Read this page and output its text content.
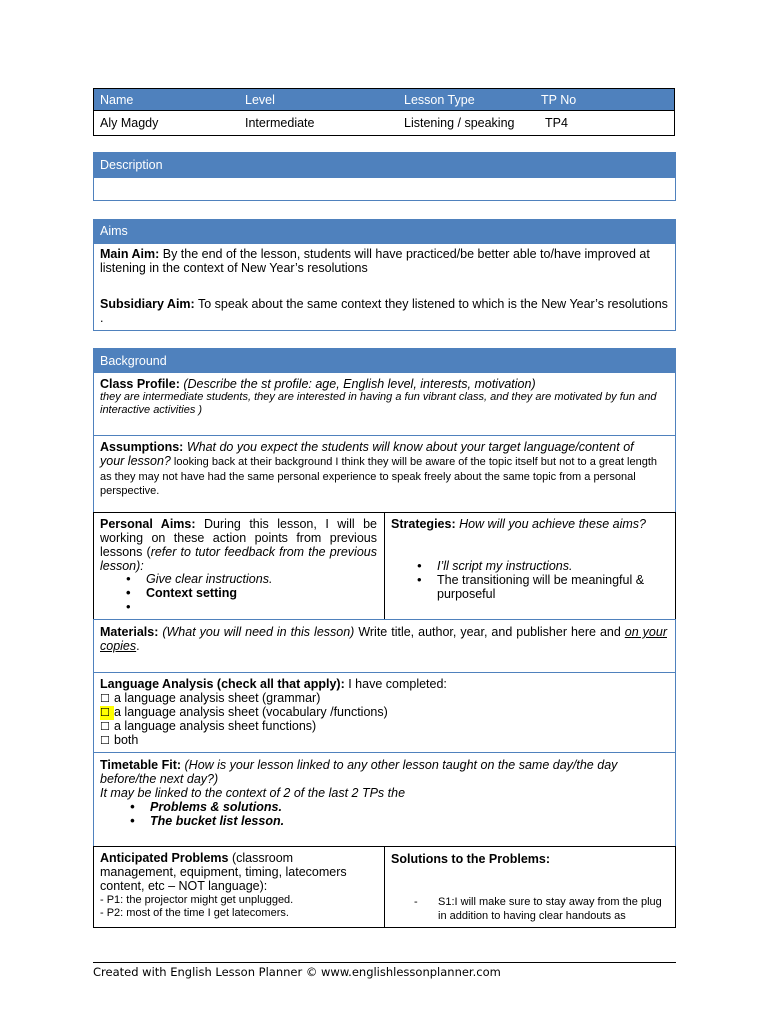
Name	Level	Lesson Type	TP No
Aly Magdy	Intermediate	Listening / speaking TP4
Description
Aims
Main Aim: By the end of the lesson, students will have practiced/be better able to/have improved at listening in the context of New Year’s resolutions
Subsidiary Aim: To speak about the same context they listened to which is the New Year’s resolutions .
Background
Class Profile: (Describe the st profile: age, English level, interests, motivation)
they are intermediate students, they are interested in having a fun vibrant class, and they are motivated by fun and interactive activities )
Assumptions: What do you expect the students will know about your target language/content of your lesson? looking back at their background I think they will be aware of the topic itself but not to a great length as they may not have had the same personal experience to speak freely about the same topic from a personal perspective.
Personal Aims: During this lesson, I will be working on these action points from previous lessons (refer to tutor feedback from the previous lesson):
• Give clear instructions.
• Context setting
•
Strategies: How will you achieve these aims?
• I’ll script my instructions.
• The transitioning will be meaningful & purposeful
Materials: (What you will need in this lesson) Write title, author, year, and publisher here and on your copies.
Language Analysis (check all that apply): I have completed:
☐ a language analysis sheet (grammar)
☐ a language analysis sheet (vocabulary /functions)
☐ a language analysis sheet functions)
☐ both
Timetable Fit: (How is your lesson linked to any other lesson taught on the same day/the day before/the next day?)
It may be linked to the context of 2 of the last 2 TPs the
• Problems & solutions.
• The bucket list lesson.
Anticipated Problems (classroom management, equipment, timing, latecomers content, etc – NOT language):
- P1: the projector might get unplugged.
- P2: most of the time I get latecomers.
Solutions to the Problems:
- S1:I will make sure to stay away from the plug in addition to having clear handouts as
Created with English Lesson Planner © www.englishlessonplanner.com
